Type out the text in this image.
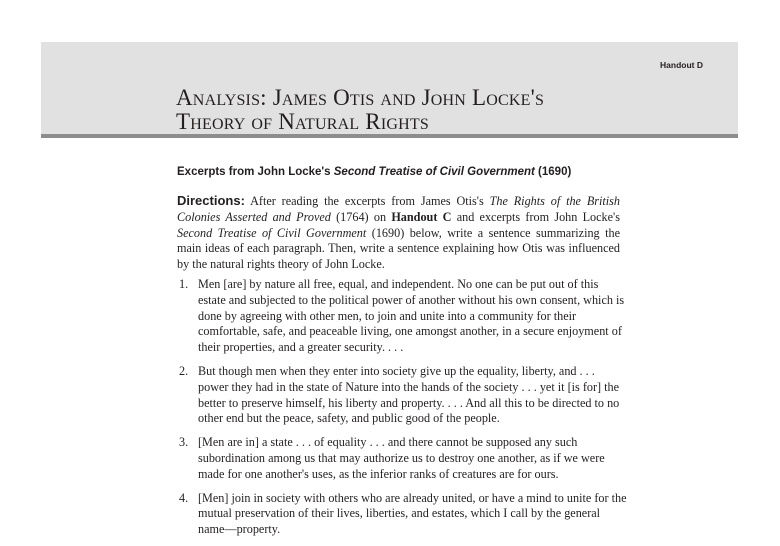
Handout D
Analysis: James Otis and John Locke's
Theory of Natural Rights
Excerpts from John Locke's Second Treatise of Civil Government (1690)
Directions: After reading the excerpts from James Otis's The Rights of the British Colonies Asserted and Proved (1764) on Handout C and excerpts from John Locke's Second Treatise of Civil Government (1690) below, write a sentence summarizing the main ideas of each paragraph. Then, write a sentence explaining how Otis was influenced by the natural rights theory of John Locke.
1. Men [are] by nature all free, equal, and independent. No one can be put out of this estate and subjected to the political power of another without his own consent, which is done by agreeing with other men, to join and unite into a community for their comfortable, safe, and peaceable living, one amongst another, in a secure enjoyment of their properties, and a greater security. . . .
2. But though men when they enter into society give up the equality, liberty, and . . . power they had in the state of Nature into the hands of the society . . . yet it [is for] the better to preserve himself, his liberty and property. . . . And all this to be directed to no other end but the peace, safety, and public good of the people.
3. [Men are in] a state . . . of equality . . . and there cannot be supposed any such subordination among us that may authorize us to destroy one another, as if we were made for one another's uses, as the inferior ranks of creatures are for ours.
4. [Men] join in society with others who are already united, or have a mind to unite for the mutual preservation of their lives, liberties, and estates, which I call by the general name—property.
